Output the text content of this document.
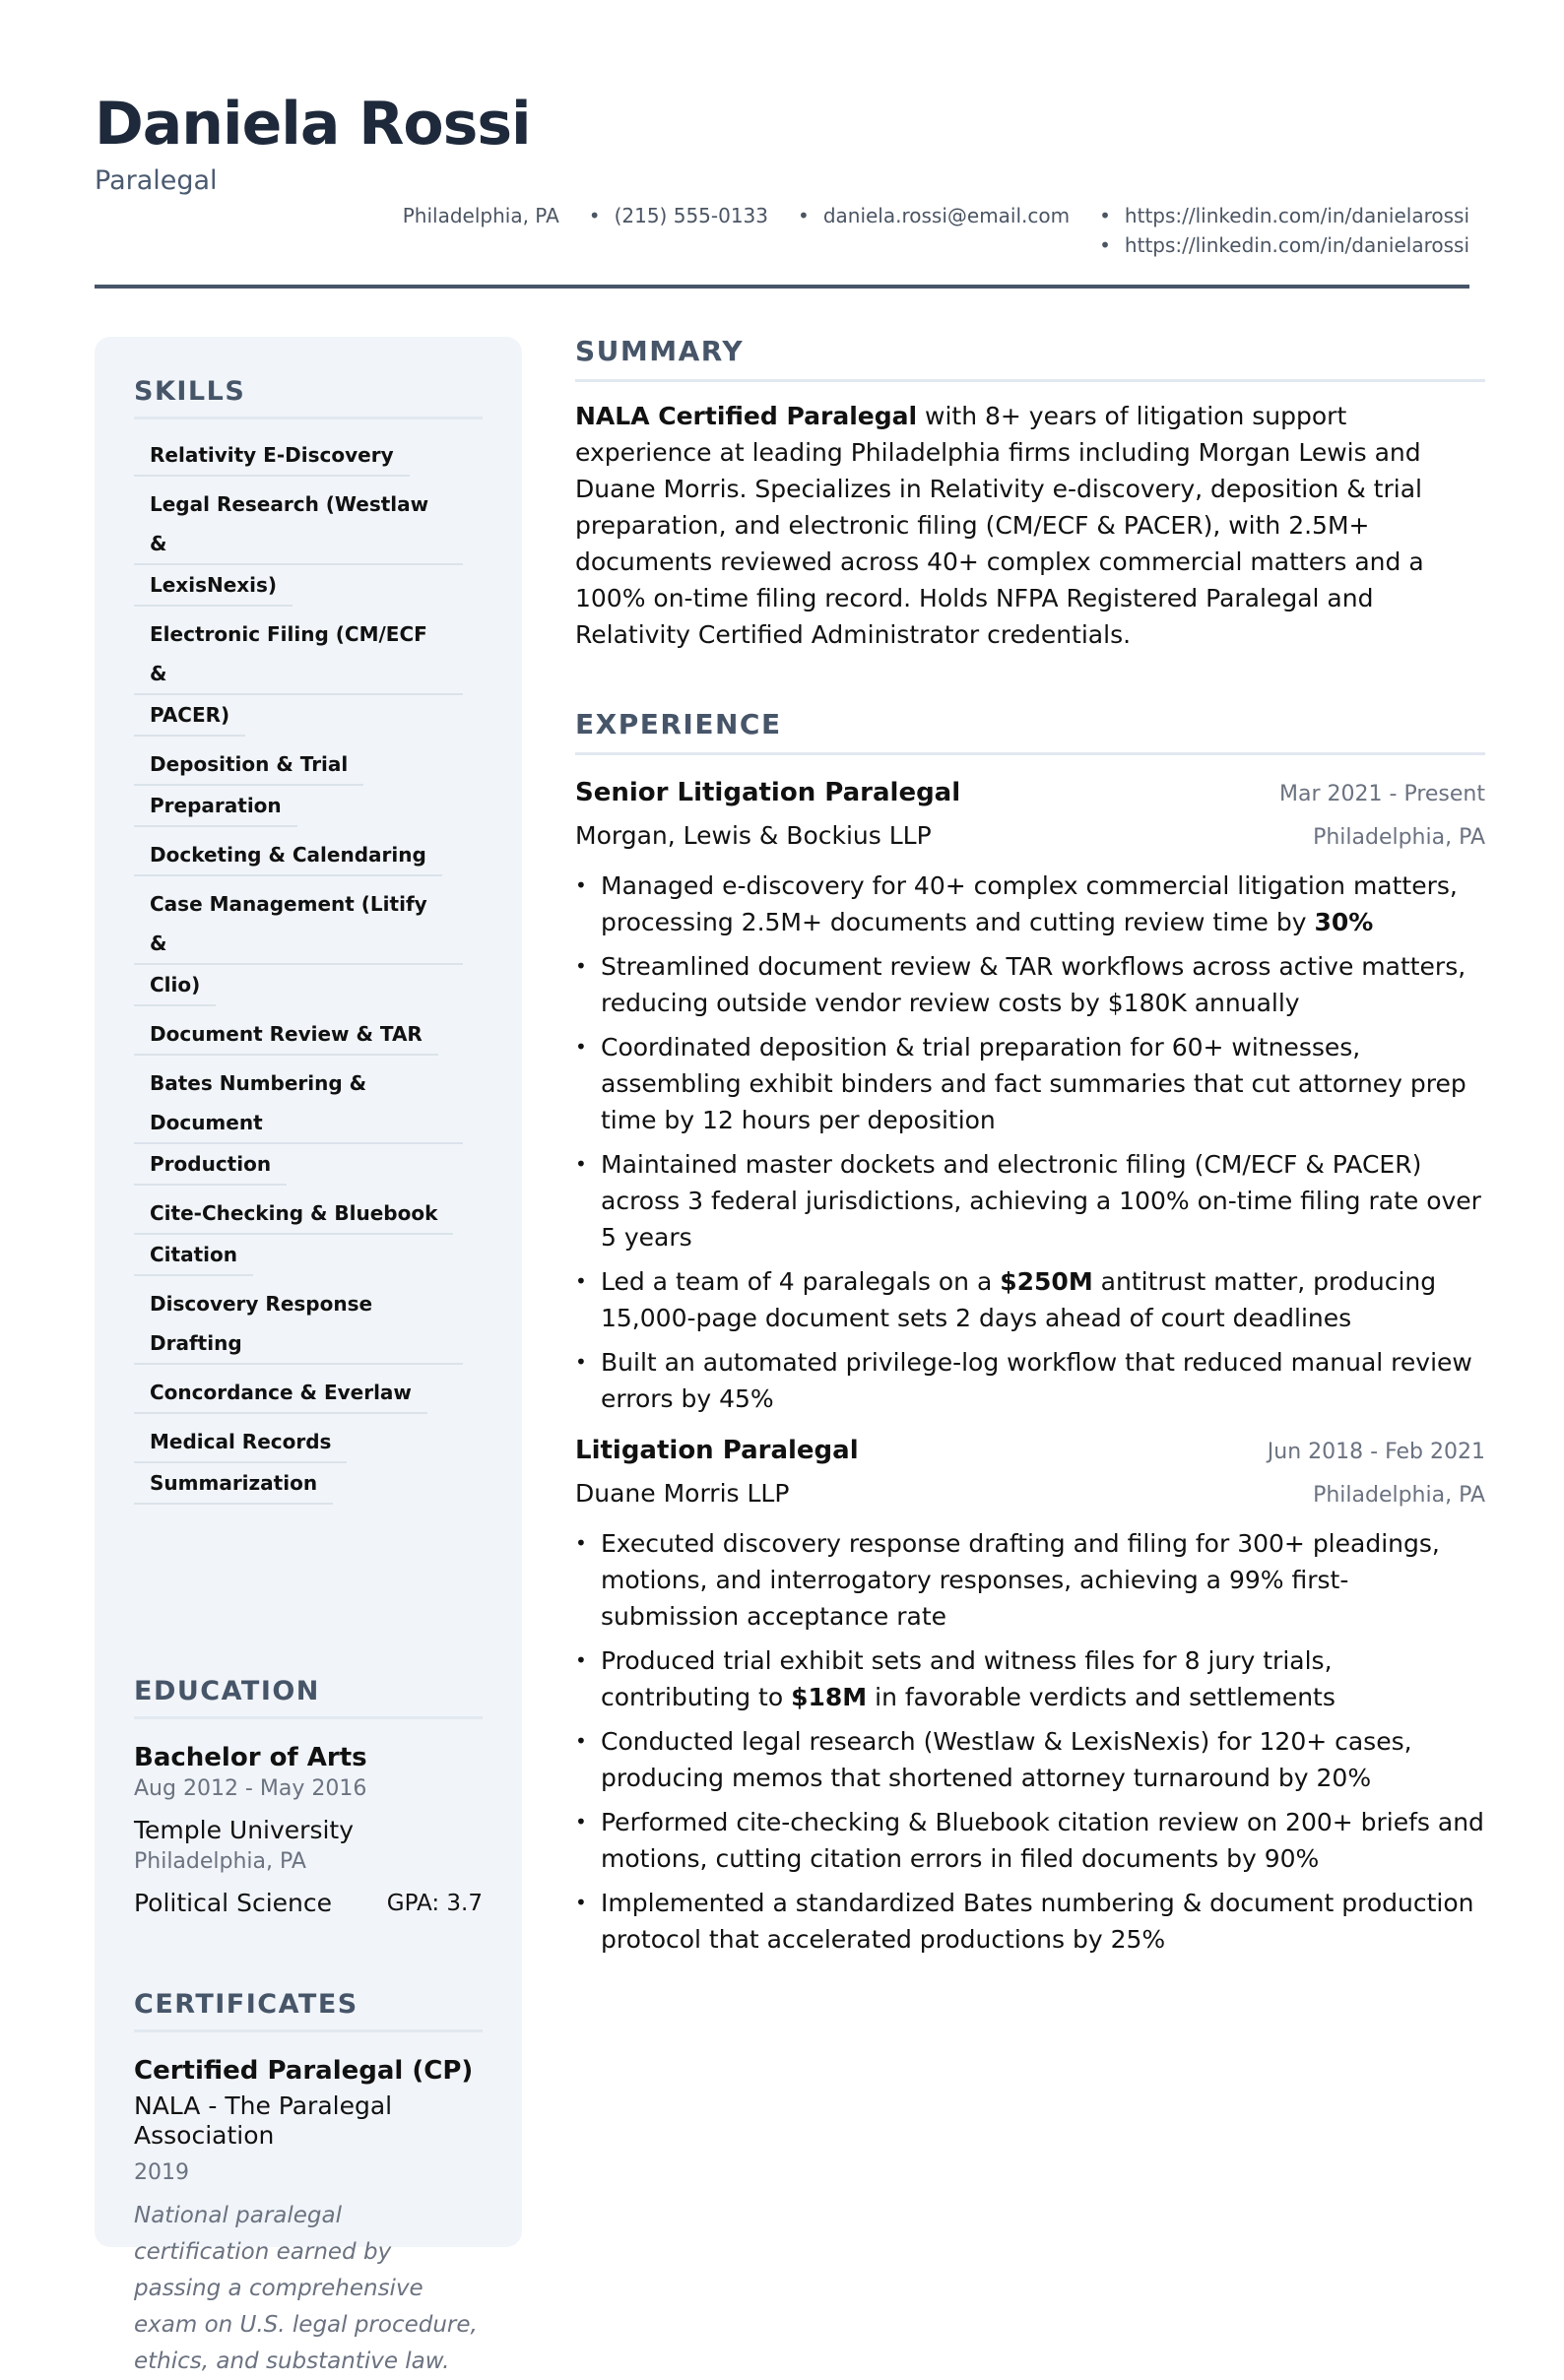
Daniela Rossi
Paralegal
Philadelphia, PA • (215) 555-0133 • daniela.rossi@email.com • https://linkedin.com/in/danielarossi
• https://linkedin.com/in/danielarossi
SKILLS
Relativity E-Discovery
Legal Research (Westlaw &
LexisNexis)
Electronic Filing (CM/ECF &
PACER)
Deposition & Trial
Preparation
Docketing & Calendaring
Case Management (Litify &
Clio)
Document Review & TAR
Bates Numbering & Document
Production
Cite-Checking & Bluebook
Citation
Discovery Response Drafting
Concordance & Everlaw
Medical Records
Summarization
EDUCATION
Bachelor of Arts
Aug 2012 - May 2016
Temple University
Philadelphia, PA
Political Science GPA: 3.7
CERTIFICATES
Certified Paralegal (CP)
NALA - The Paralegal Association
2019
National paralegal certification earned by passing a comprehensive exam on U.S. legal procedure, ethics, and substantive law.
SUMMARY

NALA Certified Paralegal with 8+ years of litigation support experience at leading Philadelphia firms including Morgan Lewis and Duane Morris. Specializes in Relativity e-discovery, deposition & trial preparation, and electronic filing (CM/ECF & PACER), with 2.5M+ documents reviewed across 40+ complex commercial matters and a 100% on-time filing record. Holds NFPA Registered Paralegal and Relativity Certified Administrator credentials.

EXPERIENCE
Senior Litigation Paralegal	Mar 2021 - Present
Morgan, Lewis & Bockius LLP	Philadelphia, PA
• Managed e-discovery for 40+ complex commercial litigation matters, processing 2.5M+ documents and cutting review time by 30%
• Streamlined document review & TAR workflows across active matters, reducing outside vendor review costs by $180K annually
• Coordinated deposition & trial preparation for 60+ witnesses, assembling exhibit binders and fact summaries that cut attorney prep time by 12 hours per deposition
• Maintained master dockets and electronic filing (CM/ECF & PACER) across 3 federal jurisdictions, achieving a 100% on-time filing rate over 5 years
• Led a team of 4 paralegals on a $250M antitrust matter, producing 15,000-page document sets 2 days ahead of court deadlines
• Built an automated privilege-log workflow that reduced manual review errors by 45%
Litigation Paralegal	Jun 2018 - Feb 2021
Duane Morris LLP	Philadelphia, PA
• Executed discovery response drafting and filing for 300+ pleadings, motions, and interrogatory responses, achieving a 99% first-submission acceptance rate
• Produced trial exhibit sets and witness files for 8 jury trials, contributing to $18M in favorable verdicts and settlements
• Conducted legal research (Westlaw & LexisNexis) for 120+ cases, producing memos that shortened attorney turnaround by 20%
• Performed cite-checking & Bluebook citation review on 200+ briefs and motions, cutting citation errors in filed documents by 90%
• Implemented a standardized Bates numbering & document production protocol that accelerated productions by 25%
